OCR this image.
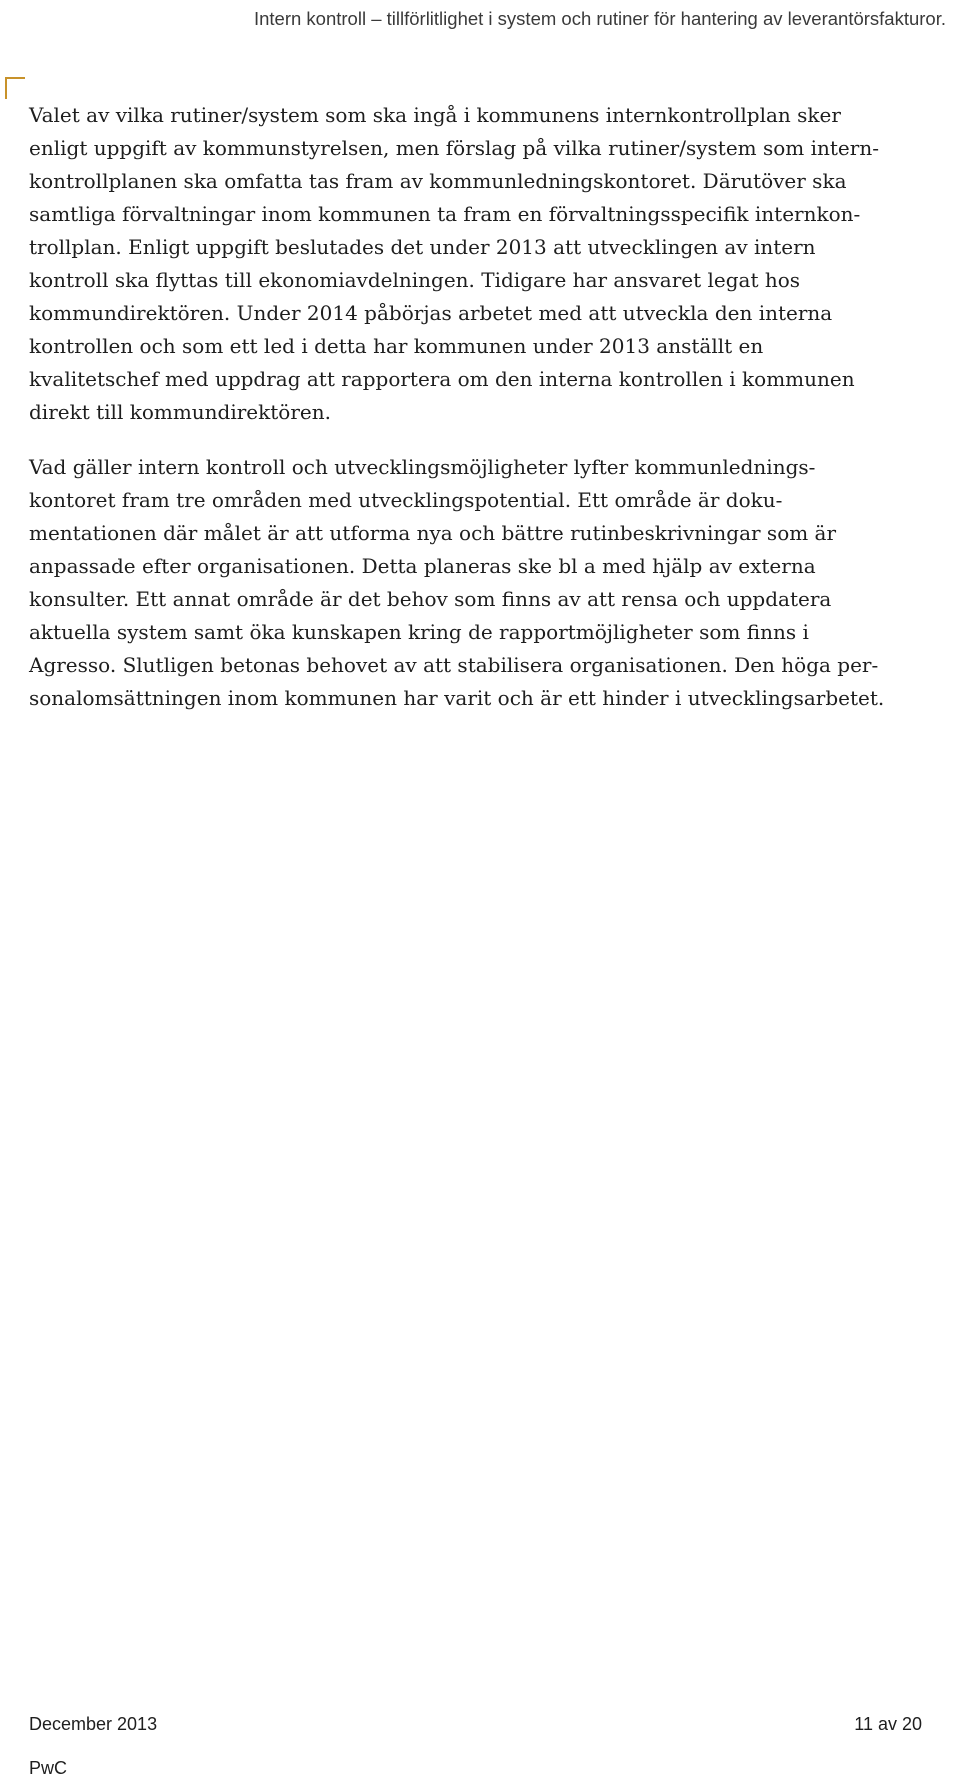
Intern kontroll – tillförlitlighet i system och rutiner för hantering av leverantörsfakturor.

Valet av vilka rutiner/system som ska ingå i kommunens internkontrollplan sker
enligt uppgift av kommunstyrelsen, men förslag på vilka rutiner/system som intern-
kontrollplanen ska omfatta tas fram av kommunledningskontoret. Därutöver ska
samtliga förvaltningar inom kommunen ta fram en förvaltningsspecifik internkon-
trollplan. Enligt uppgift beslutades det under 2013 att utvecklingen av intern
kontroll ska flyttas till ekonomiavdelningen. Tidigare har ansvaret legat hos
kommundirektören. Under 2014 påbörjas arbetet med att utveckla den interna
kontrollen och som ett led i detta har kommunen under 2013 anställt en
kvalitetschef med uppdrag att rapportera om den interna kontrollen i kommunen
direkt till kommundirektören.

Vad gäller intern kontroll och utvecklingsmöjligheter lyfter kommunlednings-
kontoret fram tre områden med utvecklingspotential. Ett område är doku-
mentationen där målet är att utforma nya och bättre rutinbeskrivningar som är
anpassade efter organisationen. Detta planeras ske bl a med hjälp av externa
konsulter. Ett annat område är det behov som finns av att rensa och uppdatera
aktuella system samt öka kunskapen kring de rapportmöjligheter som finns i
Agresso. Slutligen betonas behovet av att stabilisera organisationen. Den höga per-
sonalomsättningen inom kommunen har varit och är ett hinder i utvecklingsarbetet.

December 2013	11 av 20
PwC
